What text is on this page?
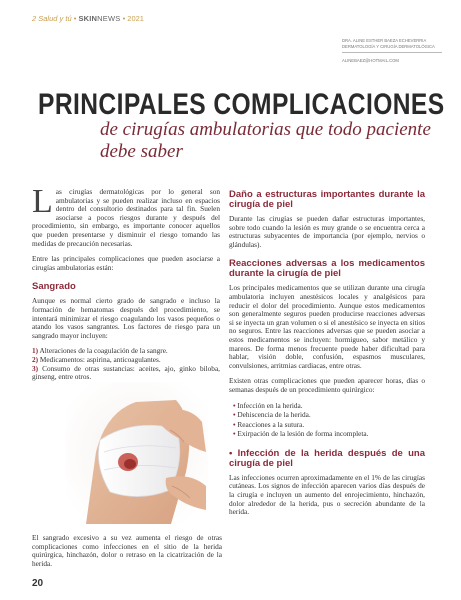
2 Salud y tú • SKINNEWS • 2021
DRA. ALINE ESTHER BAEZA ECHEVERRIA
DERMATOLOGÍA Y CIRUGÍA DERMATOLÓGICA
ALINEBAEZ@HOTMAIL.COM
PRINCIPALES COMPLICACIONES
de cirugías ambulatorias que todo paciente debe saber
L as cirugías dermatológicas por lo general son ambulatorias y se pueden realizar incluso en espacios dentro del consultorio destinados para tal fin. Suelen asociarse a pocos riesgos durante y después del procedimiento, sin embargo, es importante conocer aquellos que pueden presentarse y disminuir el riesgo tomando las medidas de precaución necesarias.

Entre las principales complicaciones que pueden asociarse a cirugías ambulatorias están:

Sangrado

Aunque es normal cierto grado de sangrado e incluso la formación de hematomas después del procedimiento, se intentará minimizar el riesgo coagulando los vasos pequeños o atando los vasos sangrantes. Los factores de riesgo para un sangrado mayor incluyen:

1) Alteraciones de la coagulación de la sangre.
2) Medicamentos: aspirina, anticoagulantes.
3) Consumo de otras sustancias: aceites, ajo, ginko biloba, ginseng, entre otros.

El sangrado excesivo a su vez aumenta el riesgo de otras complicaciones como infecciones en el sitio de la herida quirúrgica, hinchazón, dolor o retraso en la cicatrización de la herida.

Daño a estructuras importantes durante la cirugía de piel

Durante las cirugías se pueden dañar estructuras importantes, sobre todo cuando la lesión es muy grande o se encuentra cerca a estructuras subyacentes de importancia (por ejemplo, nervios o glándulas).

Reacciones adversas a los medicamentos durante la cirugía de piel

Los principales medicamentos que se utilizan durante una cirugía ambulatoria incluyen anestésicos locales y analgésicos para reducir el dolor del procedimiento. Aunque estos medicamentos son generalmente seguros pueden producirse reacciones adversas si se inyecta un gran volumen o si el anestésico se inyecta en sitios no seguros. Entre las reacciones adversas que se pueden asociar a estos medicamentos se incluyen: hormigueo, sabor metálico y mareos. De forma menos frecuente puede haber dificultad para hablar, visión doble, confusión, espasmos musculares, convulsiones, arritmias cardiacas, entre otras.

Existen otras complicaciones que pueden aparecer horas, días o semanas después de un procedimiento quirúrgico:

• Infección en la herida.
• Dehiscencia de la herida.
• Reacciones a la sutura.
• Exirpación de la lesión de forma incompleta.
• Infección de la herida después de una cirugía de piel

Las infecciones ocurren aproximadamente en el 1% de las cirugías cutáneas. Los signos de infección aparecen varios días después de la cirugía e incluyen un aumento del enrojecimiento, hinchazón, dolor alrededor de la herida, pus o secreción abundante de la herida.

20
